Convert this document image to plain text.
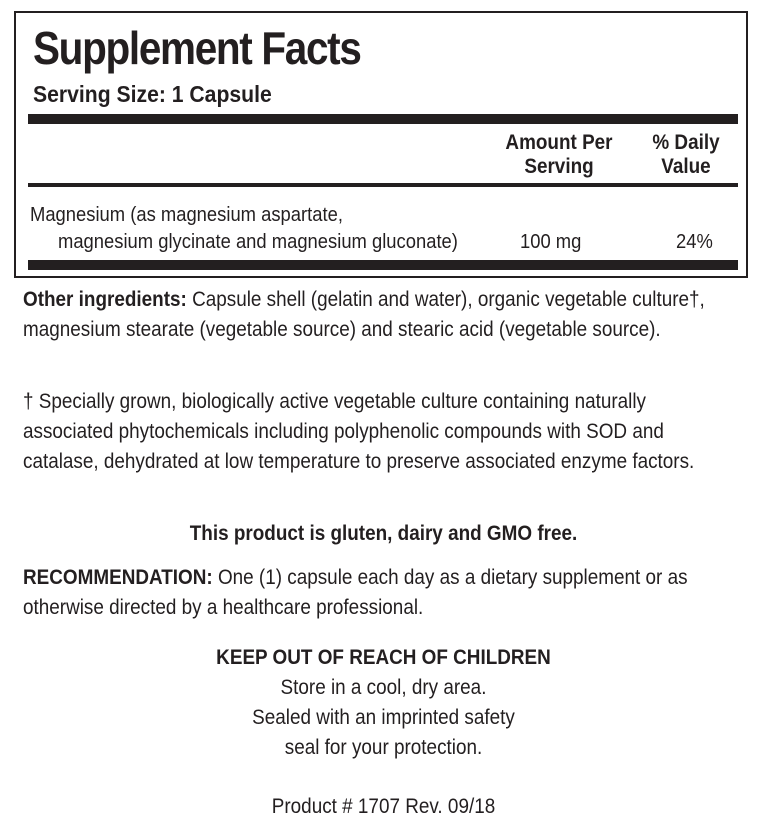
Supplement Facts
Serving Size: 1 Capsule
Amount Per
Serving
% Daily
Value
Magnesium (as magnesium aspartate,
magnesium glycinate and magnesium gluconate)	100 mg	24%

Other ingredients: Capsule shell (gelatin and water), organic vegetable culture†, magnesium stearate (vegetable source) and stearic acid (vegetable source).

† Specially grown, biologically active vegetable culture containing naturally associated phytochemicals including polyphenolic compounds with SOD and catalase, dehydrated at low temperature to preserve associated enzyme factors.

This product is gluten, dairy and GMO free.

RECOMMENDATION: One (1) capsule each day as a dietary supplement or as otherwise directed by a healthcare professional.

KEEP OUT OF REACH OF CHILDREN
Store in a cool, dry area.
Sealed with an imprinted safety
seal for your protection.
Product # 1707 Rev. 09/18
